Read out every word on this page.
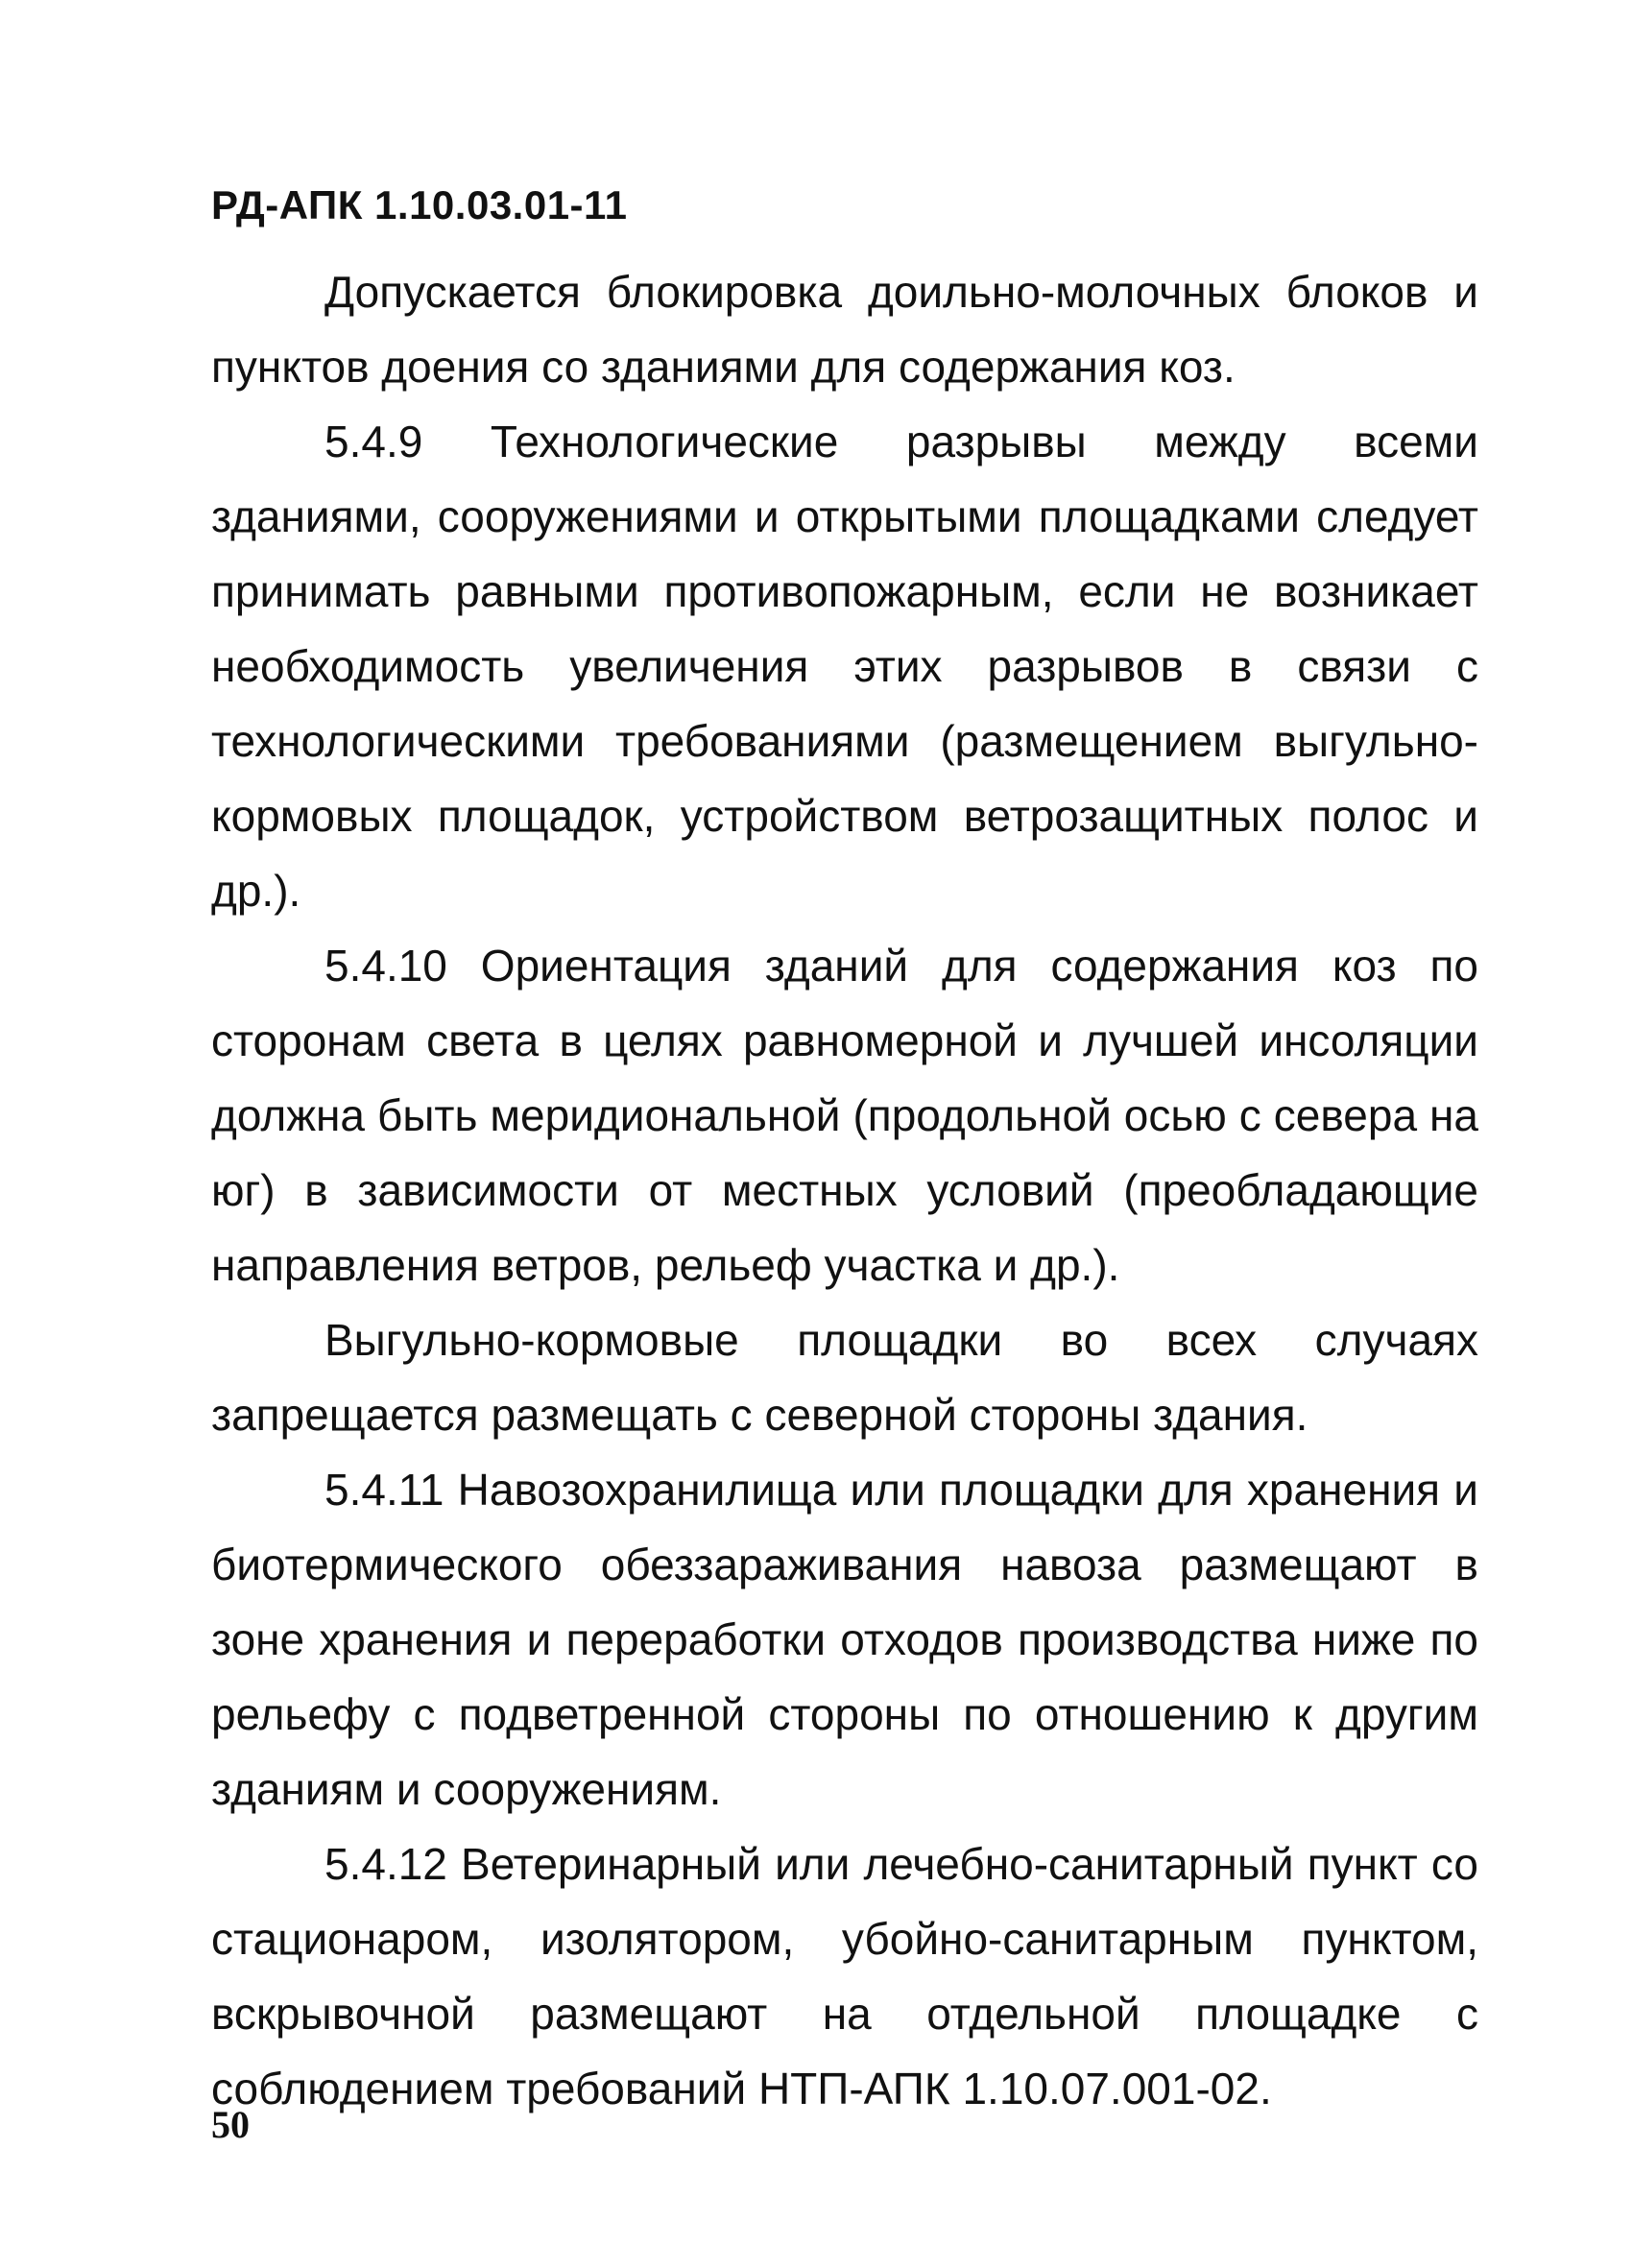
РД-АПК 1.10.03.01-11

Допускается блокировка доильно-молочных блоков и пунктов доения со зданиями для содержания коз.

5.4.9 Технологические разрывы между всеми зданиями, сооружениями и открытыми площадками следует принимать равными противопожарным, если не возникает необходимость увеличения этих разрывов в связи с технологическими требованиями (размещением выгульно-кормовых площадок, устройством ветрозащитных полос и др.).

5.4.10 Ориентация зданий для содержания коз по сторонам света в целях равномерной и лучшей инсоляции должна быть меридиональной (продольной осью с севера на юг) в зависимости от местных условий (преобладающие направления ветров, рельеф участка и др.).

Выгульно-кормовые площадки во всех случаях запрещается размещать с северной стороны здания.

5.4.11 Навозохранилища или площадки для хранения и биотермического обеззараживания навоза размещают в зоне хранения и переработки отходов производства ниже по рельефу с подветренной стороны по отношению к другим зданиям и сооружениям.

5.4.12 Ветеринарный или лечебно-санитарный пункт со стационаром, изолятором, убойно-санитарным пунктом, вскрывочной размещают на отдельной площадке с соблюдением требований НТП-АПК 1.10.07.001-02.

50
